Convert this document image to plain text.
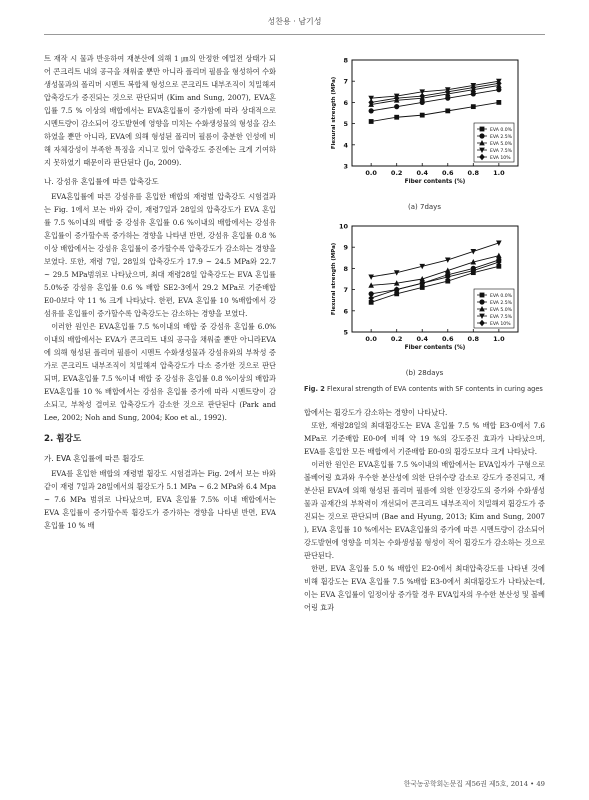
성찬용 · 남기성

트 재작 시 물과 반응하여 재분산에 의해 1 ㎛의 안정한 에멀젼 상태가 되어 콘크리트 내의 공극을 채워줄 뿐만 아니라 폴리머 필름을 형성하여 수화생성물과의 폴리머 시멘트 복합체 형성으로 콘크리트 내부조직이 치밀해져 압축강도가 증진되는 것으로 판단되며 (Kim and Sung, 2007), EVA혼입률 7.5 % 이상의 배합에서는 EVA혼입률이 증가함에 따라 상대적으로 시멘트량이 감소되어 강도발현에 영향을 미치는 수화생성물의 형성을 감소하였을 뿐만 아니라, EVA에 의해 형성된 폴리머 필름이 충분한 인성에 비해 자체강성이 부족한 특징을 지니고 있어 압축강도 증진에는 크게 기여하지 못하였기 때문이라 판단된다 (Jo, 2009).

나. 강섬유 혼입률에 따른 압축강도

EVA혼입률에 따른 강섬유를 혼입한 배합의 재령별 압축강도 시험결과는 Fig. 1에서 보는 바와 같이, 재령7일과 28일의 압축강도가 EVA 혼입률 7.5 %이내의 배합 중 강섬유 혼입률 0.6 %이내의 배합에서는 강섬유 혼입률이 증가할수록 증가하는 경향을 나타낸 반면, 강섬유 혼입률 0.8 %이상 배합에서는 강섬유 혼입률이 증가할수록 압축강도가 감소하는 경향을 보였다. 또한, 재령 7일, 28일의 압축강도가 17.9 ~ 24.5 MPa와 22.7 ~ 29.5 MPa범위로 나타났으며, 최대 재령28일 압축강도는 EVA 혼입률 5.0%중 강섬유 혼입률 0.6 % 배합 SE2-3에서 29.2 MPa로 기준배합 E0-0보다 약 11 % 크게 나타났다. 한편, EVA 혼입률 10 %배합에서 강섬유를 혼입률이 증가할수록 압축강도는 감소하는 경향을 보였다.

이러한 원인은 EVA혼입률 7.5 %이내의 배합 중 강섬유 혼입률 6.0%이내의 배합에서는 EVA가 콘크리트 내의 공극을 채워줄 뿐만 아니라EVA에 의해 형성된 폴리머 필름이 시멘트 수화생성물과 강섬유와의 부착성 증가로 콘크리트 내부조직이 치밀해져 압축강도가 다소 증가한 것으로 판단되며, EVA혼입률 7.5 %이내 배합 중 강섬유 혼입률 0.8 %이상의 배합과 EVA혼입률 10 % 배합에서는 강섬유 혼입률 증가에 따라 시멘트량이 감소되고, 부착성 결여로 압축강도가 감소한 것으로 판단된다 (Park and Lee, 2002; Noh and Sung, 2004; Koo et al., 1992).

2. 휨강도
가. EVA 혼입률에 따른 휨강도

EVA를 혼입한 배합의 재령별 휨강도 시험결과는 Fig. 2에서 보는 바와 같이 재령 7일과 28일에서의 휨강도가 5.1 MPa ~ 6.2 MPa와 6.4 Mpa ~ 7.6 MPa 범위로 나타났으며, EVA 혼입률 7.5% 이내 배합에서는 EVA 혼입률이 증가할수록 휨강도가 증가하는 경향을 나타낸 반면, EVA 혼입률 10 % 배

3
4
5
6
7
8
0.0 0.2 0.4 0.6 0.8 1.0
Fiber contents (%)
Flexural strength (MPa)	EVA 0.0%
EVA 2.5%
EVA 5.0%
EVA 7.5%
EVA 10%
(a) 7days
5
6
7
8
9
10
0.0 0.2 0.4 0.6 0.8 1.0
Fiber contents (%)
Flexural strength (MPa)	EVA 0.0%
EVA 2.5%
EVA 5.0%
EVA 7.5%
EVA 10%
(b) 28days
Fig. 2 Flexural strength of EVA contents with SF contents in curing ages

합에서는 휨강도가 감소하는 경향이 나타났다.

또한, 재령28일의 최대휨강도는 EVA 혼입률 7.5 % 배합 E3-0에서 7.6 MPa로 기준배합 E0-0에 비해 약 19 %의 강도증진 효과가 나타났으며, EVA를 혼입한 모든 배합에서 기준배합 E0-0의 휨강도보다 크게 나타났다.

이러한 원인은 EVA혼입률 7.5 %이내의 배합에서는 EVA입자가 구형으로 볼베어링 효과와 우수한 분산성에 의한 단위수량 감소로 강도가 증진되고, 재분산된 EVA에 의해 형성된 폴리머 필름에 의한 인장강도의 증가와 수화생성물과 골재간의 부착력이 개선되어 콘크리트 내부조직이 치밀해져 휨강도가 증진되는 것으로 판단되며 (Bae and Hyung, 2013; Kim and Sung, 2007 ), EVA 혼입률 10 %에서는 EVA혼입률의 증가에 따른 시멘트량이 감소되어 강도발현에 영향을 미치는 수화생성물 형성이 적어 휨강도가 감소하는 것으로 판단된다.

한편, EVA 혼입률 5.0 % 배합인 E2-0에서 최대압축강도를 나타낸 것에 비해 휨강도는 EVA 혼입률 7.5 %배합 E3-0에서 최대휨강도가 나타났는데, 이는 EVA 혼입률이 일정이상 증가할 경우 EVA입자의 우수한 분산성 및 볼베어링 효과

한국농공학회논문집 제56권 제5호, 2014 • 49
